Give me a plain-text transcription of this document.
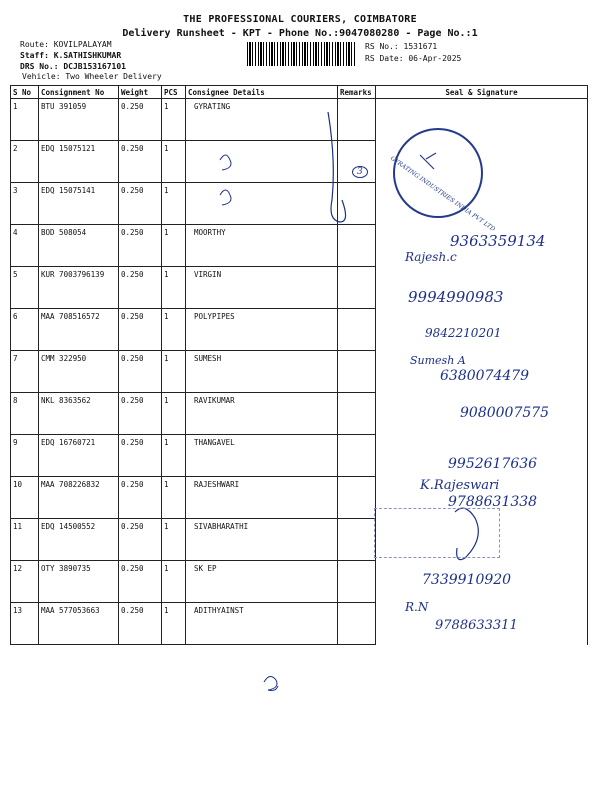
THE PROFESSIONAL COURIERS, COIMBATORE
Delivery Runsheet - KPT - Phone No.:9047080280 - Page No.:1
Route: KOVILPALAYAM
Staff: K.SATHISHKUMAR
DRS No.: DCJB153167101
Vehicle: Two Wheeler Delivery
RS No.: 1531671
RS Date: 06-Apr-2025
S No	Consignment No	Weight	PCS	Consignee Details	Remarks	Seal & Signature
1	BTU 391059	0.250	1	GYRATING		
2	EDQ 15075121	0.250	1			
3	EDQ 15075141	0.250	1			
4	BOD 508054	0.250	1	MOORTHY		
5	KUR 7003796139	0.250	1	VIRGIN		
6	MAA 708516572	0.250	1	POLYPIPES		
7	CMM 322950	0.250	1	SUMESH		
8	NKL 8363562	0.250	1	RAVIKUMAR		
9	EDQ 16760721	0.250	1	THANGAVEL		
10	MAA 708226832	0.250	1	RAJESHWARI		
11	EDQ 14500552	0.250	1	SIVABHARATHI		
12	OTY 3890735	0.250	1	SK EP		
13	MAA 577053663	0.250	1	ADITHYAINST		
GYRATING INDUSTRIES INDIA PVT LTD
3
9363359134
Rajesh.c
9994990983
9842210201
Sumesh A
6380074479
9080007575
9952617636
K.Rajeswari
9788631338
7339910920
R.N
9788633311
